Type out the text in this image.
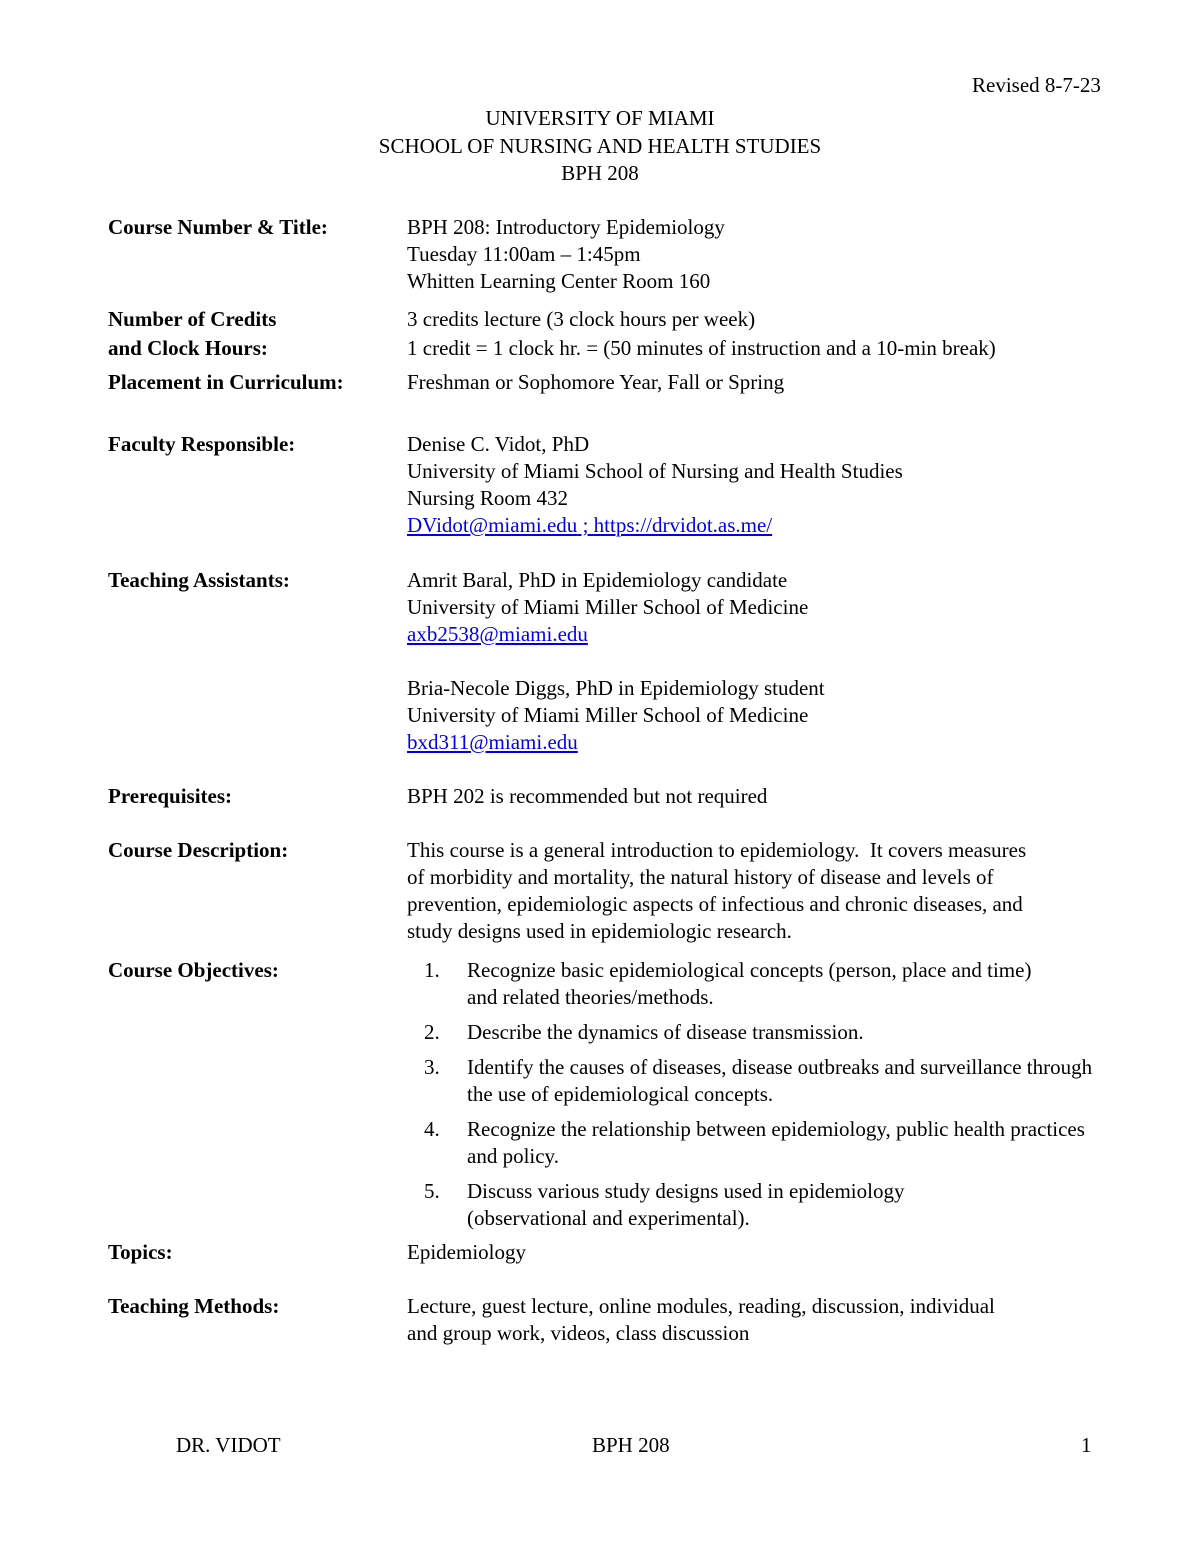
Revised 8-7-23
UNIVERSITY OF MIAMI
SCHOOL OF NURSING AND HEALTH STUDIES
BPH 208
Course Number & Title:	BPH 208: Introductory Epidemiology
Tuesday 11:00am – 1:45pm
Whitten Learning Center Room 160
Number of Credits
and Clock Hours:
3 credits lecture (3 clock hours per week)
1 credit = 1 clock hr. = (50 minutes of instruction and a 10-min break)
Placement in Curriculum:	Freshman or Sophomore Year, Fall or Spring
Faculty Responsible:	Denise C. Vidot, PhD
University of Miami School of Nursing and Health Studies
Nursing Room 432
DVidot@miami.edu ; https://drvidot.as.me/
Teaching Assistants:	Amrit Baral, PhD in Epidemiology candidate
University of Miami Miller School of Medicine
axb2538@miami.edu
Bria-Necole Diggs, PhD in Epidemiology student
University of Miami Miller School of Medicine
bxd311@miami.edu
Prerequisites:	BPH 202 is recommended but not required
Course Description:	This course is a general introduction to epidemiology.  It covers measures
of morbidity and mortality, the natural history of disease and levels of
prevention, epidemiologic aspects of infectious and chronic diseases, and
study designs used in epidemiologic research.
Course Objectives:	1. Recognize basic epidemiological concepts (person, place and time) and related theories/methods.
2. Describe the dynamics of disease transmission.
3. Identify the causes of diseases, disease outbreaks and surveillance through the use of epidemiological concepts.
4. Recognize the relationship between epidemiology, public health practices and policy.
5. Discuss various study designs used in epidemiology (observational and experimental).
Topics:	Epidemiology
Teaching Methods:	Lecture, guest lecture, online modules, reading, discussion, individual
and group work, videos, class discussion
DR. VIDOT	BPH 208	1
